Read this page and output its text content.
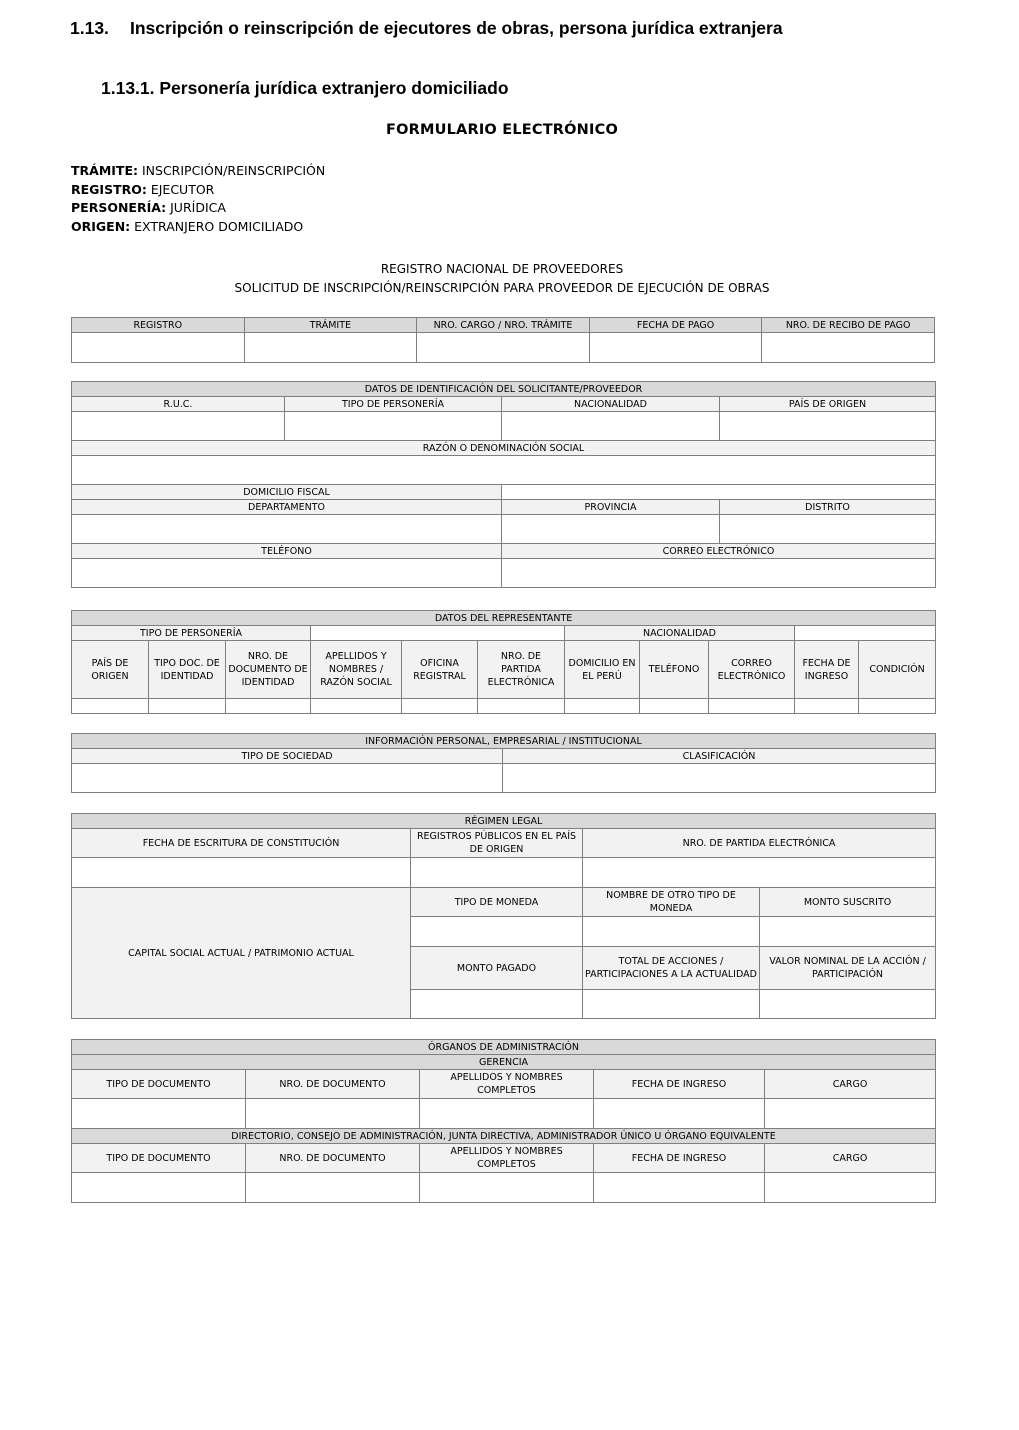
1.13. Inscripción o reinscripción de ejecutores de obras, persona jurídica extranjera
1.13.1. Personería jurídica extranjero domiciliado
FORMULARIO ELECTRÓNICO
TRÁMITE: INSCRIPCIÓN/REINSCRIPCIÓN
REGISTRO: EJECUTOR
PERSONERÍA: JURÍDICA
ORIGEN: EXTRANJERO DOMICILIADO
REGISTRO NACIONAL DE PROVEEDORES
SOLICITUD DE INSCRIPCIÓN/REINSCRIPCIÓN PARA PROVEEDOR DE EJECUCIÓN DE OBRAS
REGISTRO	TRÁMITE	NRO. CARGO / NRO. TRÁMITE	FECHA DE PAGO	NRO. DE RECIBO DE PAGO

DATOS DE IDENTIFICACIÓN DEL SOLICITANTE/PROVEEDOR			
R.U.C.	TIPO DE PERSONERÍA	NACIONALIDAD	PAÍS DE ORIGEN

RAZÓN O DENOMINACIÓN SOCIAL			

DOMICILIO FISCAL			
DEPARTAMENTO		PROVINCIA	DISTRITO

TELÉFONO		CORREO ELECTRÓNICO	

DATOS DEL REPRESENTANTE										
TIPO DE PERSONERÍA						NACIONALIDAD				
PAÍS DE ORIGEN	TIPO DOC. DE IDENTIDAD	NRO. DE DOCUMENTO DE IDENTIDAD	APELLIDOS Y NOMBRES / RAZÓN SOCIAL	OFICINA REGISTRAL	NRO. DE PARTIDA ELECTRÓNICA	DOMICILIO EN EL PERÚ	TELÉFONO	CORREO ELECTRÓNICO	FECHA DE INGRESO	CONDICIÓN

INFORMACIÓN PERSONAL, EMPRESARIAL / INSTITUCIONAL	
TIPO DE SOCIEDAD	CLASIFICACIÓN

RÉGIMEN LEGAL			
FECHA DE ESCRITURA DE CONSTITUCIÓN	REGISTROS PÚBLICOS EN EL PAÍS DE ORIGEN	NRO. DE PARTIDA ELECTRÓNICA	

CAPITAL SOCIAL ACTUAL / PATRIMONIO ACTUAL	TIPO DE MONEDA	NOMBRE DE OTRO TIPO DE MONEDA	MONTO SUSCRITO

	MONTO PAGADO	TOTAL DE ACCIONES / PARTICIPACIONES A LA ACTUALIDAD	VALOR NOMINAL DE LA ACCIÓN / PARTICIPACIÓN

ÓRGANOS DE ADMINISTRACIÓN				
GERENCIA				
TIPO DE DOCUMENTO	NRO. DE DOCUMENTO	APELLIDOS Y NOMBRES COMPLETOS	FECHA DE INGRESO	CARGO

DIRECTORIO, CONSEJO DE ADMINISTRACIÓN, JUNTA DIRECTIVA, ADMINISTRADOR ÚNICO U ÓRGANO EQUIVALENTE				
TIPO DE DOCUMENTO	NRO. DE DOCUMENTO	APELLIDOS Y NOMBRES COMPLETOS	FECHA DE INGRESO	CARGO
